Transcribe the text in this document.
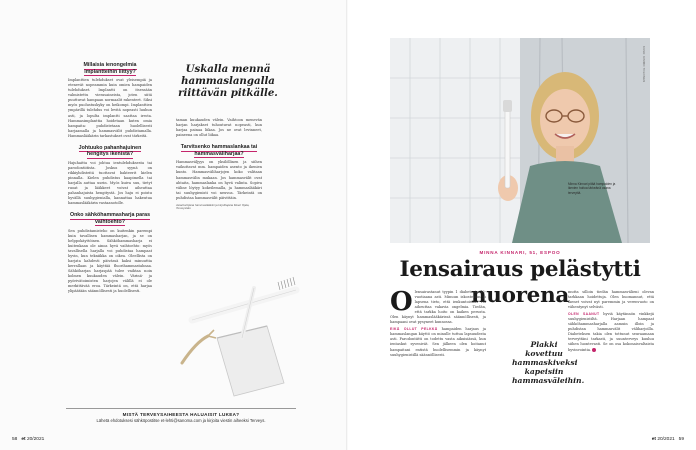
Millaisia ienongelmia implantteihin liittyy?

Implanttien tulehdukset ovat yleisempiä ja etenevät nopeammin kuin omien hampaiden tulehdukset. Implantti on itsessään valmistettu vierasaineista, joten siitä puuttuvat hampaan normaalit rakenteet. Siksi myös puolustuskyky on heikompi. Implanttien ympärillä tulehdus voi levitä nopeasti luuhun asti, ja lopulta implantti saattaa irrota. Hammasimplanttia hoidetaan kuten omia hampaita: puhdistetaan huolellisesti harjaamalla ja hammasvälit puhdistamalla. Hammaslääkärin tarkastukset ovat tärkeitä.

Johtuuko pahanhajuinen hengitys ikenistä?

Hajuhaitta voi johtua ientulehduksesta tai parodontiitista. Joskus syynä on rikkiyhdisteitä tuottavat bakteerit kielen pinnalla. Kielen puhdistus kaapimella tai harjalla auttaa usein. Myös kuiva suu, tietyt ruoat ja lääkkeet voivat aiheuttaa pahanhajuista hengitystä. Jos haju ei poistu hyvällä suuhygienialla, kannattaa hakeutua hammaslääkärin vastaanotolle.

Onko sähköhammasharja paras vaihtoehto?

Sen puhdistamisteho on kuitenkin parempi kuin tavallisen hammasharjan, ja se on helppokäyttöinen. Sähköhammasharja ei kuitenkaan ole ainoa hyvä vaihtoehto: myös tavallisella harjalla voi puhdistaa hampaat hyvin, kun tekniikka on oikea. Oleellista on harjata kahdesti päivässä kaksi minuuttia kerrallaan ja käyttää fluorihammastahnaa. Sähköharjan harjaspää tulee vaihtaa noin kolmen kuukauden välein. Värinä- ja pyörivätoimisten harjojen välillä ei ole merkittävää eroa. Tärkeintä on, että harjaa ylipäätään säännöllisesti ja huolellisesti.

Uskalla mennä hammaslangalla riittävän pitkälle.

taman kuukauden välein. Vaihtoon menevän harjan harjakset tuhoutuvat nopeasti, kun harjaa painaa liikaa. Jos ne ovat levinneet, paineena on ollut liikaa.

Tarvitsenko hammaslankaa tai hammasväliharjaa?

Hammasväljyys on yksilöllinen ja siihen vaikuttavat mm. hampaiden asento ja ikenien kunto. Hammasväliharjojen koko valitaan hammasvälin mukaan. Jos hammasvälit ovat ahtaita, hammaslanka on hyvä valinta. Sopiva väline löytyy kokeilemalla, ja hammaslääkäri tai suuhygienisti voi neuvoa. Tärkeintä on puhdistaa hammasvälit päivittäin.

Asiantuntijana hammaslääkäri ja kirjoittajana Meeri Ojala, Terveystalo

MISTÄ TERVEYSAIHEESTA HALUAISIT LUKEA?
Lähetä ehdotuksesi sähköpostitse et-lehti@sanoma.com ja kirjoita viestin aiheeksi Terveys.
58 et 20/2021
Minna Kinnari pitää hampaiden ja ikenien hoitoa tärkeänä osana terveyttä.
KUVA: KIMMO TOLONEN
MINNA KINNARI, 51, ESPOO
Iensairaus pelästytti nuorena

Olensairastanut tyypin 1 diabetesta 12-vuotiaana asti. Minuun iskostettiin jo lapsena tieto, että ienkuntoisuus voi aiheuttaa vakavia ongelmia. Tiedän, että tarkka hoito on kaiken perusta. Olen käynyt hammaslääkärissä säännöllisesti, ja hampaani ovat pysyneet kunnossa.

EIKÄ OLLUT PELKKÄ hampaiden harjaus ja hammaslangan käyttö on minulle tuttua lapsuudesta asti. Parodontiitti on todettu vasta aikuisiässä, kun ientaskut syvenivät. Sen jälkeen olen hoitanut hampaitani entistä huolellisemmin ja käynyt suuhygienistillä säännöllisesti.

Plakki kovettuu hammaskiveksi kapeisiin hammasväleihin.

mutta silloin tiedän hammasvälieni olevan tarkkaan hoidettuja. Olen huomannut, että ikenet voivat nyt paremmin ja verenvuoto on vähentynyt selvästi.

OLEN SAANUT hyviä käytännön vinkkejä suuhygienistiltä. Harjaan hampaat sähköhammasharjalla aamuin illoin ja puhdistan hammasvälit väliharjoilla. Diabeteksen takia olen tottunut seuraamaan terveyttäni tarkasti, ja suunterveys kuuluu siihen luontevasti. Se on osa kokonaisvaltaista hyvinvointia.

et 20/2021 59
